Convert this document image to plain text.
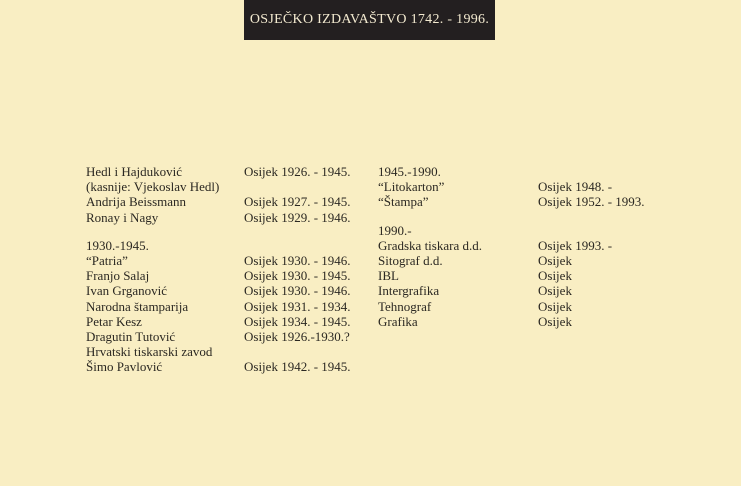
OSJEČKO IZDAVAŠTVO 1742. - 1996.
Hedl i Hajduković	Osijek 1926. - 1945.
(kasnije: Vjekoslav Hedl)
Andrija Beissmann	Osijek 1927. - 1945.
Ronay i Nagy	Osijek 1929. - 1946.
1930.-1945.
“Patria”	Osijek 1930. - 1946.
Franjo Salaj	Osijek 1930. - 1945.
Ivan Grganović	Osijek 1930. - 1946.
Narodna štamparija	Osijek 1931. - 1934.
Petar Kesz	Osijek 1934. - 1945.
Dragutin Tutović	Osijek 1926.-1930.?
Hrvatski tiskarski zavod
Šimo Pavlović	Osijek 1942. - 1945.
1945.-1990.
“Litokarton”	Osijek 1948. -
“Štampa”	Osijek 1952. - 1993.
1990.-
Gradska tiskara d.d.	Osijek 1993. -
Sitograf d.d.	Osijek
IBL	Osijek
Intergrafika	Osijek
Tehnograf	Osijek
Grafika	Osijek
